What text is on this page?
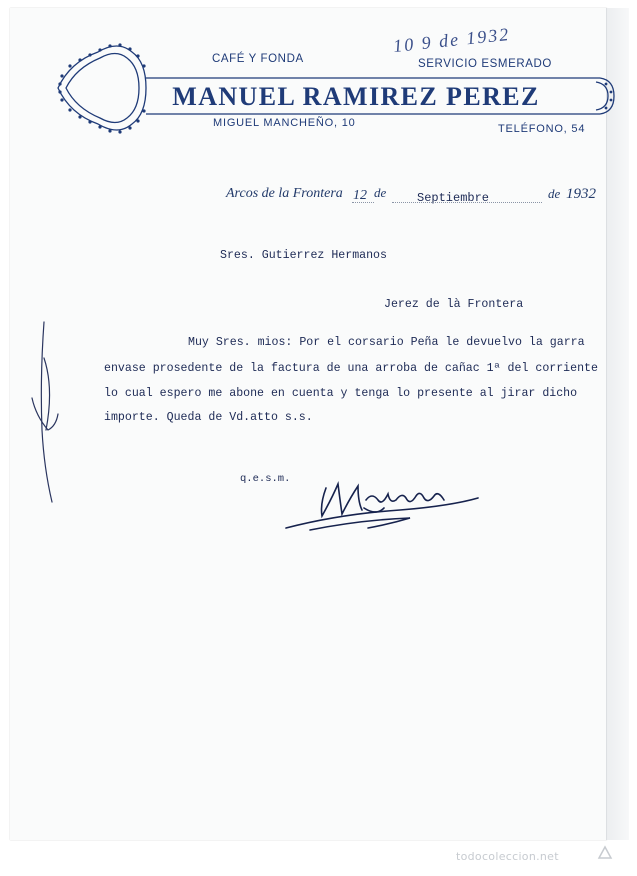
CAFÉ Y FONDA	SERVICIO ESMERADO
MANUEL RAMIREZ PEREZ
MIGUEL MANCHEÑO, 10	TELÉFONO, 54
10 9 de 1932
Arcos de la Frontera 12 de	Septiembre	de 1932
Sres. Gutierrez Hermanos
Jerez de là Frontera
Muy Sres. mios: Por el corsario Peña le devuelvo la garra
envase prosedente de la factura de una arroba de cañac 1ª del corriente
lo cual espero me abone en cuenta y tenga lo presente al jirar dicho
importe. Queda de Vd.atto s.s.
q.e.s.m.
todocoleccion.net
